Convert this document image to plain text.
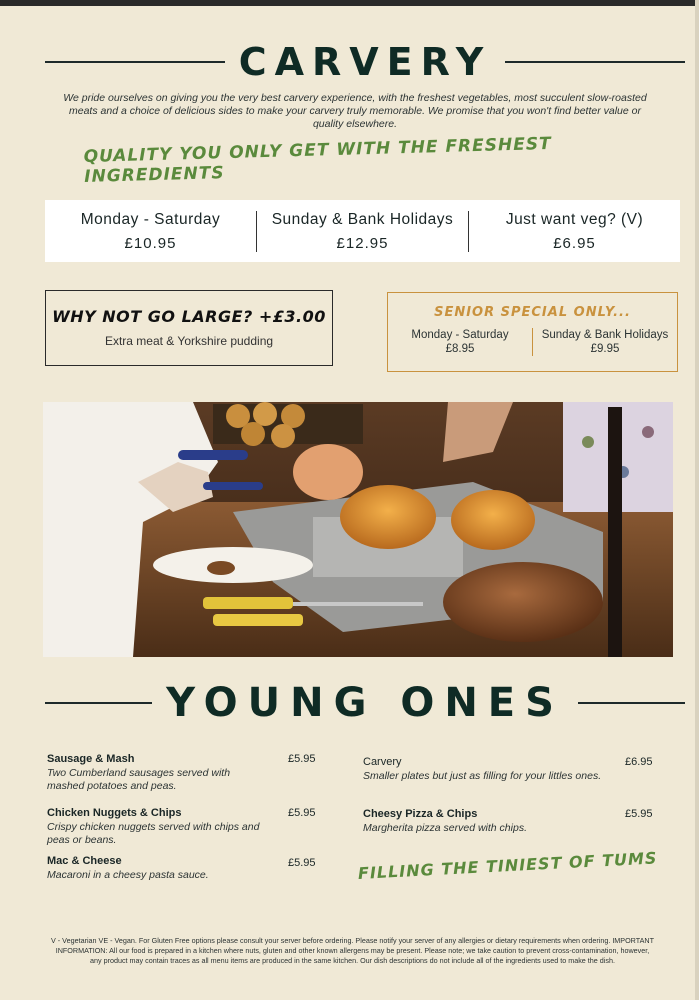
CARVERY
We pride ourselves on giving you the very best carvery experience, with the freshest vegetables, most succulent slow-roasted meats and a choice of delicious sides to make your carvery truly memorable. We promise that you won't find better value or quality elsewhere.
QUALITY YOU ONLY GET WITH THE FRESHEST INGREDIENTS
Monday - Saturday
£10.95
Sunday & Bank Holidays
£12.95
Just want veg? (V)
£6.95
WHY NOT GO LARGE? +£3.00
Extra meat & Yorkshire pudding
SENIOR SPECIAL ONLY...
Monday - Saturday
£8.95
Sunday & Bank Holidays
£9.95
YOUNG ONES
Sausage & Mash
Two Cumberland sausages served with mashed potatoes and peas.
£5.95
Chicken Nuggets & Chips
Crispy chicken nuggets served with chips and peas or beans.
£5.95
Mac & Cheese
Macaroni in a cheesy pasta sauce.
£5.95
Carvery
Smaller plates but just as filling for your littles ones.
£6.95
Cheesy Pizza & Chips
Margherita pizza served with chips.
£5.95
FILLING THE TINIEST OF TUMS
V - Vegetarian VE - Vegan. For Gluten Free options please consult your server before ordering. Please notify your server of any allergies or dietary requirements when ordering. IMPORTANT INFORMATION: All our food is prepared in a kitchen where nuts, gluten and other known allergens may be present. Please note; we take caution to prevent cross-contamination, however, any product may contain traces as all menu items are produced in the same kitchen. Our dish descriptions do not include all of the ingredients used to make the dish.
